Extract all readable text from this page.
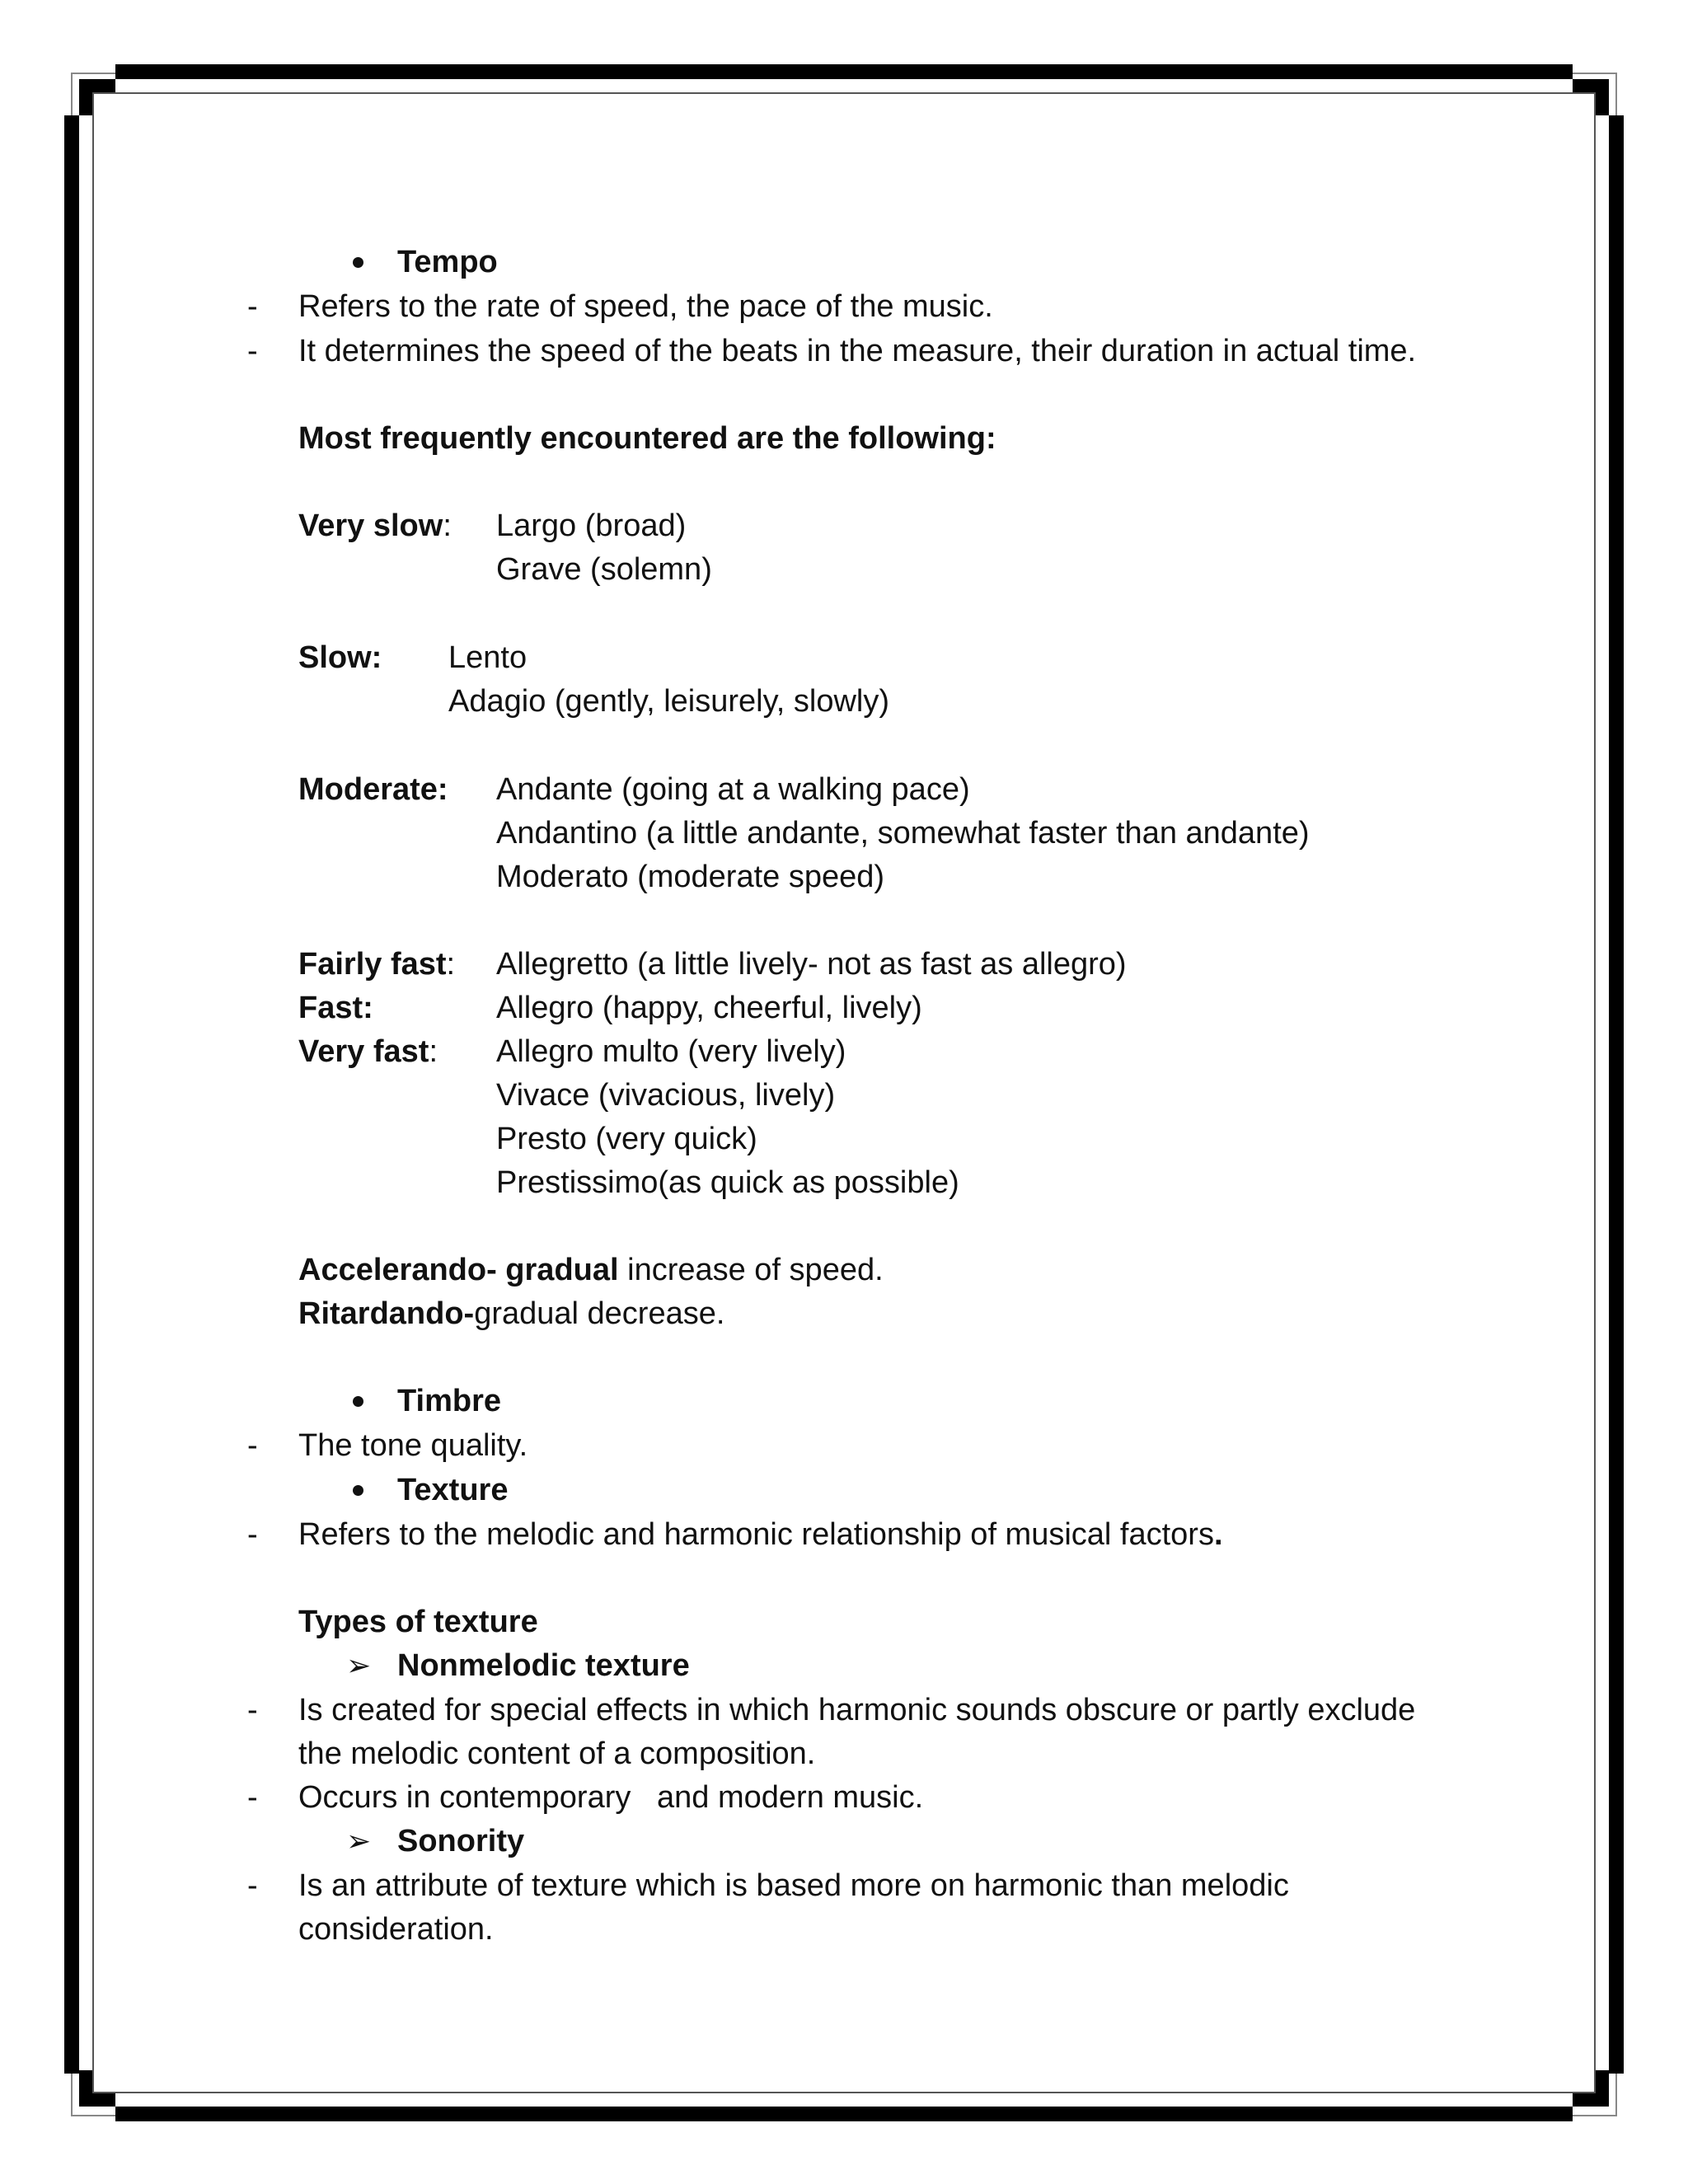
Tempo
- Refers to the rate of speed, the pace of the music.
- It determines the speed of the beats in the measure, their duration in actual time.
Most frequently encountered are the following:
Very slow: Largo (broad)
Grave (solemn)
Slow: Lento
Adagio (gently, leisurely, slowly)
Moderate: Andante (going at a walking pace)
Andantino (a little andante, somewhat faster than andante)
Moderato (moderate speed)
Fairly fast: Allegretto (a little lively- not as fast as allegro)
Fast:	Allegro (happy, cheerful, lively)
Very fast: Allegro multo (very lively)
Vivace (vivacious, lively)
Presto (very quick)
Prestissimo(as quick as possible)
Accelerando- gradual increase of speed.
Ritardando-gradual decrease.
Timbre
- The tone quality.
Texture
- Refers to the melodic and harmonic relationship of musical factors.
Types of texture
➢ Nonmelodic texture
- Is created for special effects in which harmonic sounds obscure or partly exclude
the melodic content of a composition.
- Occurs in contemporary   and modern music.
➢ Sonority
- Is an attribute of texture which is based more on harmonic than melodic
consideration.
